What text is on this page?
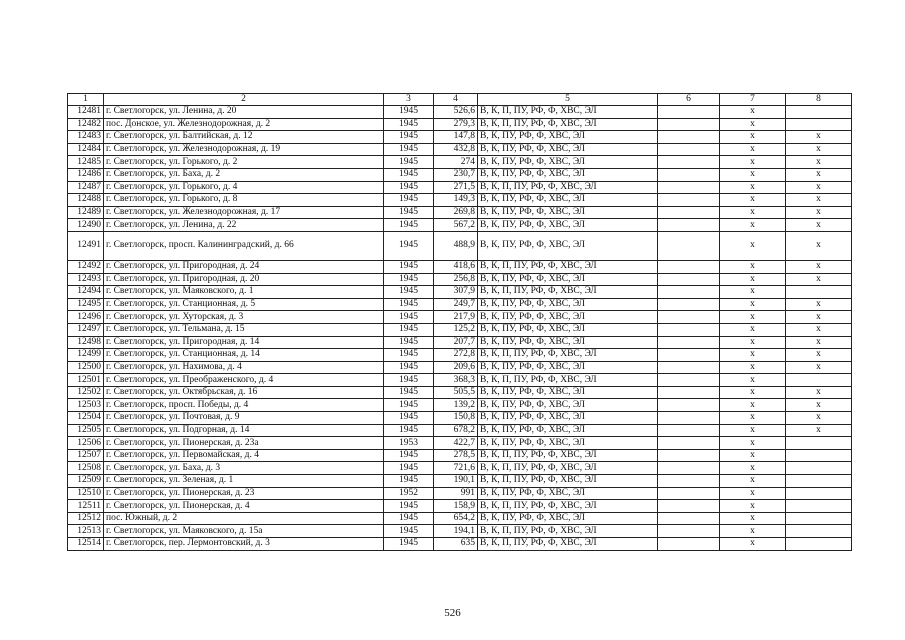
1	2	3	4	5	6	7	8
12481	г. Светлогорск, ул. Ленина, д. 20	1945	526,6	В, К, П, ПУ, РФ, Ф, ХВС, ЭЛ		х	
12482	пос. Донское, ул. Железнодорожная, д. 2	1945	279,3	В, К, П, ПУ, РФ, Ф, ХВС, ЭЛ		х	
12483	г. Светлогорск, ул. Балтийская, д. 12	1945	147,8	В, К, ПУ, РФ, Ф, ХВС, ЭЛ		х	х
12484	г. Светлогорск, ул. Железнодорожная, д. 19	1945	432,8	В, К, ПУ, РФ, Ф, ХВС, ЭЛ		х	х
12485	г. Светлогорск, ул. Горького, д. 2	1945	274	В, К, ПУ, РФ, Ф, ХВС, ЭЛ		х	х
12486	г. Светлогорск, ул. Баха, д. 2	1945	230,7	В, К, ПУ, РФ, Ф, ХВС, ЭЛ		х	х
12487	г. Светлогорск, ул. Горького, д. 4	1945	271,5	В, К, П, ПУ, РФ, Ф, ХВС, ЭЛ		х	х
12488	г. Светлогорск, ул. Горького, д. 8	1945	149,3	В, К, ПУ, РФ, Ф, ХВС, ЭЛ		х	х
12489	г. Светлогорск, ул. Железнодорожная, д. 17	1945	269,8	В, К, ПУ, РФ, Ф, ХВС, ЭЛ		х	х
12490	г. Светлогорск, ул. Ленина, д. 22	1945	567,2	В, К, ПУ, РФ, Ф, ХВС, ЭЛ		х	х
12491	г. Светлогорск, просп. Калининградский, д. 66	1945	488,9	В, К, ПУ, РФ, Ф, ХВС, ЭЛ		х	х
12492	г. Светлогорск, ул. Пригородная, д. 24	1945	418,6	В, К, П, ПУ, РФ, Ф, ХВС, ЭЛ		х	х
12493	г. Светлогорск, ул. Пригородная, д. 20	1945	256,8	В, К, ПУ, РФ, Ф, ХВС, ЭЛ		х	х
12494	г. Светлогорск, ул. Маяковского, д. 1	1945	307,9	В, К, П, ПУ, РФ, Ф, ХВС, ЭЛ		х	
12495	г. Светлогорск, ул. Станционная, д. 5	1945	249,7	В, К, ПУ, РФ, Ф, ХВС, ЭЛ		х	х
12496	г. Светлогорск, ул. Хуторская, д. 3	1945	217,9	В, К, ПУ, РФ, Ф, ХВС, ЭЛ		х	х
12497	г. Светлогорск, ул. Тельмана, д. 15	1945	125,2	В, К, ПУ, РФ, Ф, ХВС, ЭЛ		х	х
12498	г. Светлогорск, ул. Пригородная, д. 14	1945	207,7	В, К, ПУ, РФ, Ф, ХВС, ЭЛ		х	х
12499	г. Светлогорск, ул. Станционная, д. 14	1945	272,8	В, К, П, ПУ, РФ, Ф, ХВС, ЭЛ		х	х
12500	г. Светлогорск, ул. Нахимова, д. 4	1945	209,6	В, К, ПУ, РФ, Ф, ХВС, ЭЛ		х	х
12501	г. Светлогорск, ул. Преображенского, д. 4	1945	368,3	В, К, П, ПУ, РФ, Ф, ХВС, ЭЛ		х	
12502	г. Светлогорск, ул. Октябрьская, д. 16	1945	505,5	В, К, ПУ, РФ, Ф, ХВС, ЭЛ		х	х
12503	г. Светлогорск, просп. Победы, д. 4	1945	139,2	В, К, ПУ, РФ, Ф, ХВС, ЭЛ		х	х
12504	г. Светлогорск, ул. Почтовая, д. 9	1945	150,8	В, К, ПУ, РФ, Ф, ХВС, ЭЛ		х	х
12505	г. Светлогорск, ул. Подгорная, д. 14	1945	678,2	В, К, ПУ, РФ, Ф, ХВС, ЭЛ		х	х
12506	г. Светлогорск, ул. Пионерская, д. 23а	1953	422,7	В, К, ПУ, РФ, Ф, ХВС, ЭЛ		х	
12507	г. Светлогорск, ул. Первомайская, д. 4	1945	278,5	В, К, П, ПУ, РФ, Ф, ХВС, ЭЛ		х	
12508	г. Светлогорск, ул. Баха, д. 3	1945	721,6	В, К, П, ПУ, РФ, Ф, ХВС, ЭЛ		х	
12509	г. Светлогорск, ул. Зеленая, д. 1	1945	190,1	В, К, П, ПУ, РФ, Ф, ХВС, ЭЛ		х	
12510	г. Светлогорск, ул. Пионерская, д. 23	1952	991	В, К, ПУ, РФ, Ф, ХВС, ЭЛ		х	
12511	г. Светлогорск, ул. Пионерская, д. 4	1945	158,9	В, К, П, ПУ, РФ, Ф, ХВС, ЭЛ		х	
12512	пос. Южный, д. 2	1945	654,2	В, К, ПУ, РФ, Ф, ХВС, ЭЛ		х	
12513	г. Светлогорск, ул. Маяковского, д. 15а	1945	194,1	В, К, П, ПУ, РФ, Ф, ХВС, ЭЛ		х	
12514	г. Светлогорск, пер. Лермонтовский, д. 3	1945	635	В, К, П, ПУ, РФ, Ф, ХВС, ЭЛ		х	
526
